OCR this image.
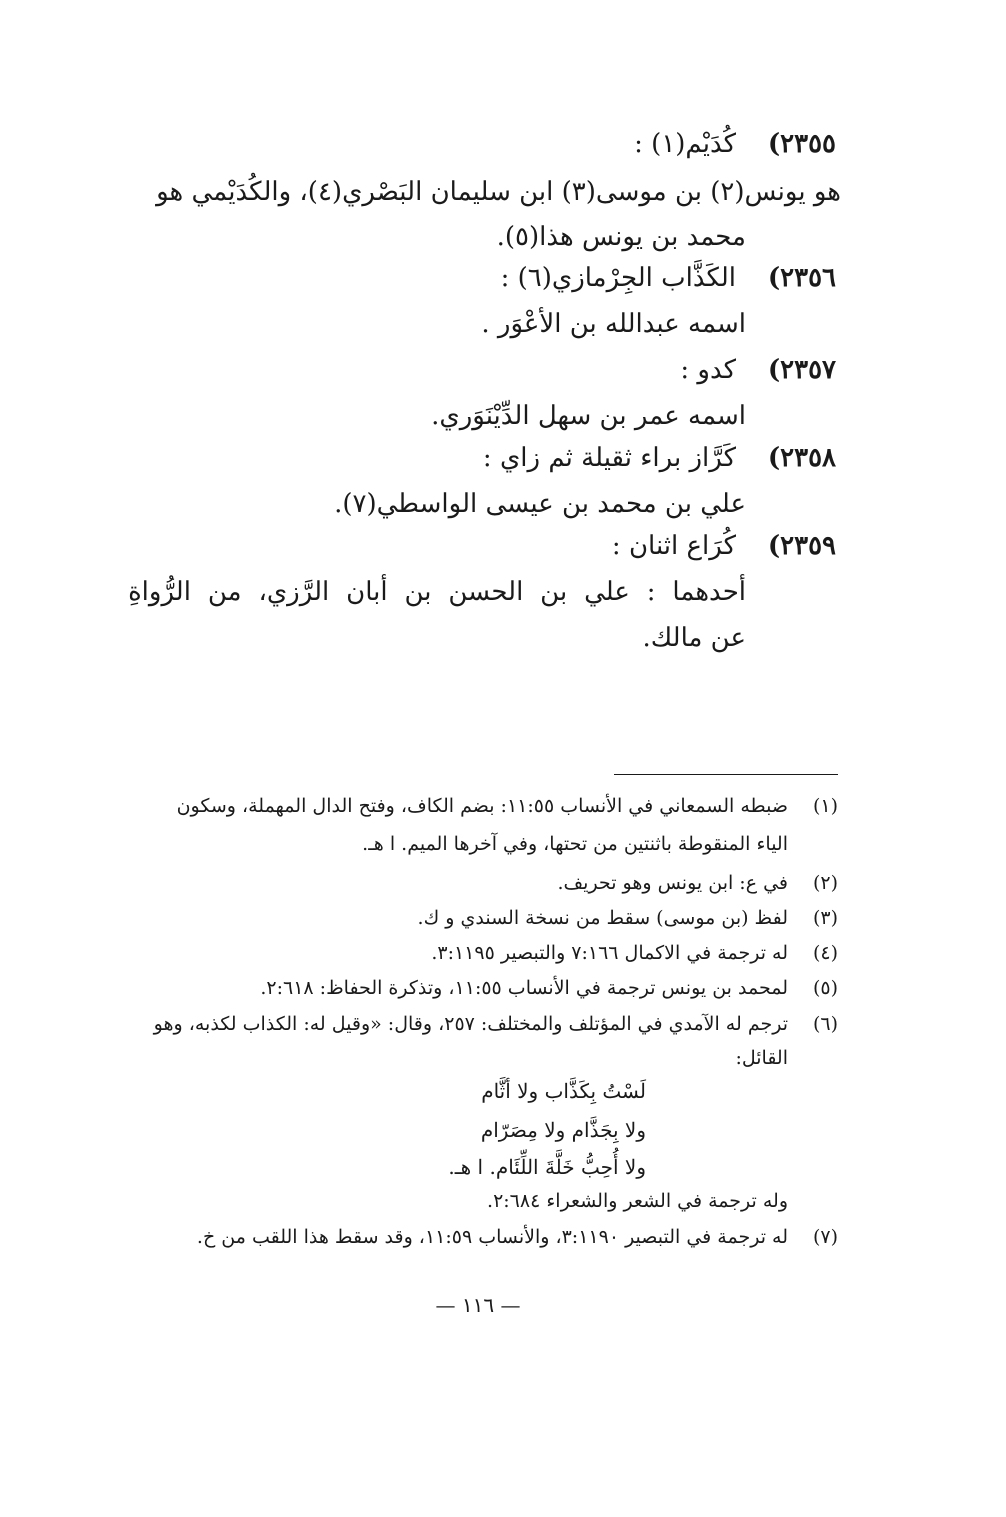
٢٣٥٥)
كُدَيْم(١) :
هو يونس(٢) بن موسى(٣) ابن سليمان البَصْري(٤)، والكُدَيْمي هو
محمد بن يونس هذا(٥).
٢٣٥٦)
الكَذَّاب الجِرْمازي(٦) :
اسمه عبدالله بن الأعْوَر .
٢٣٥٧)
كدو :
اسمه عمر بن سهل الدِّيْنَوَري.
٢٣٥٨)
كَرَّاز براء ثقيلة ثم زاي :
علي بن محمد بن عيسى الواسطي(٧).
٢٣٥٩)
كُرَاع اثنان :
أحدهما
:
علي
بن
الحسن
بن
أبان
الرَّزي،
من
الرُّواةِ
عن مالك.
(١)
ضبطه السمعاني في الأنساب ١١:٥٥: بضم الكاف، وفتح الدال المهملة، وسكون
الياء المنقوطة باثنتين من تحتها، وفي آخرها الميم. ا هـ.
(٢)
في ع: ابن يونس وهو تحريف.
(٣)
لفظ (بن موسى) سقط من نسخة السندي و ك.
(٤)
له ترجمة في الاكمال ٧:١٦٦ والتبصير ٣:١١٩٥.
(٥)
لمحمد بن يونس ترجمة في الأنساب ١١:٥٥، وتذكرة الحفاظ: ٢:٦١٨.
(٦)
ترجم له الآمدي في المؤتلف والمختلف: ٢٥٧، وقال: «وقيل له: الكذاب لكذبه، وهو
القائل:
لَسْتُ بِكَذَّاب ولا أثَّام
ولا بِجَذَّام ولا مِصَرّام
ولا أُحِبُّ خَلَّةَ اللِّئَام. ا هـ.
وله ترجمة في الشعر والشعراء ٢:٦٨٤.
(٧)
له ترجمة في التبصير ٣:١١٩٠، والأنساب ١١:٥٩، وقد سقط هذا اللقب من خ.
— ١١٦ —
